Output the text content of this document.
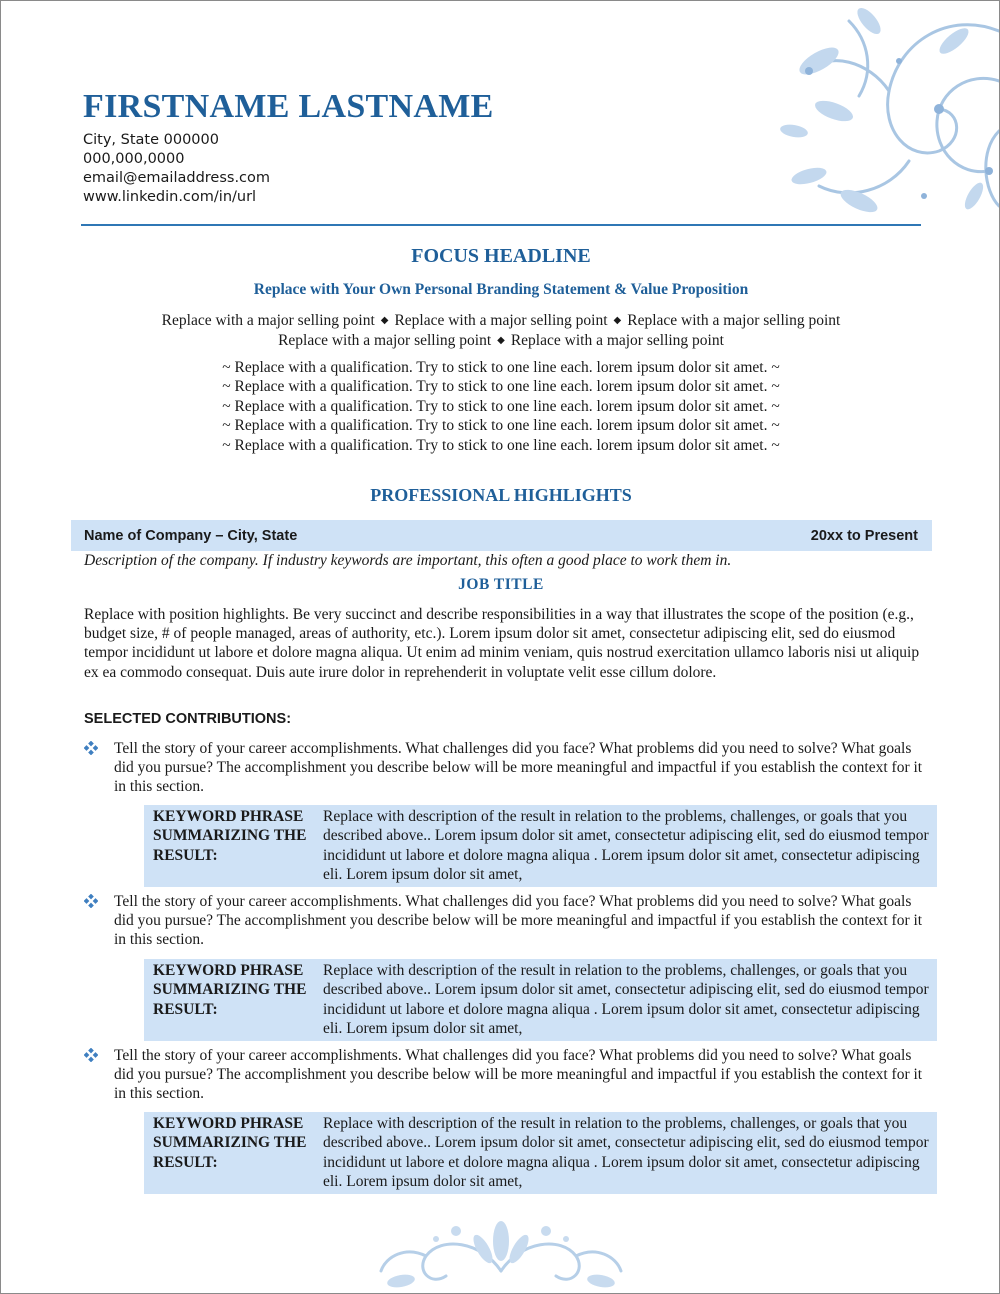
FIRSTNAME LASTNAME
City, State 000000
000,000,0000
email@emailaddress.com
www.linkedin.com/in/url
FOCUS HEADLINE
Replace with Your Own Personal Branding Statement & Value Proposition
Replace with a major selling point ◆ Replace with a major selling point ◆ Replace with a major selling point
Replace with a major selling point ◆ Replace with a major selling point
~ Replace with a qualification. Try to stick to one line each. lorem ipsum dolor sit amet. ~
~ Replace with a qualification. Try to stick to one line each. lorem ipsum dolor sit amet. ~
~ Replace with a qualification. Try to stick to one line each. lorem ipsum dolor sit amet. ~
~ Replace with a qualification. Try to stick to one line each. lorem ipsum dolor sit amet. ~
~ Replace with a qualification. Try to stick to one line each. lorem ipsum dolor sit amet. ~
PROFESSIONAL HIGHLIGHTS
Name of Company – City, State	20xx to Present
Description of the company. If industry keywords are important, this often a good place to work them in.
JOB TITLE
Replace with position highlights. Be very succinct and describe responsibilities in a way that illustrates the scope of the position (e.g., budget size, # of people managed, areas of authority, etc.). Lorem ipsum dolor sit amet, consectetur adipiscing elit, sed do eiusmod tempor incididunt ut labore et dolore magna aliqua. Ut enim ad minim veniam, quis nostrud exercitation ullamco laboris nisi ut aliquip ex ea commodo consequat. Duis aute irure dolor in reprehenderit in voluptate velit esse cillum dolore.
SELECTED CONTRIBUTIONS:
Tell the story of your career accomplishments. What challenges did you face? What problems did you need to solve? What goals did you pursue? The accomplishment you describe below will be more meaningful and impactful if you establish the context for it in this section.
KEYWORD PHRASE SUMMARIZING THE RESULT:
Replace with description of the result in relation to the problems, challenges, or goals that you described above.. Lorem ipsum dolor sit amet, consectetur adipiscing elit, sed do eiusmod tempor incididunt ut labore et dolore magna aliqua . Lorem ipsum dolor sit amet, consectetur adipiscing eli. Lorem ipsum dolor sit amet,
Tell the story of your career accomplishments. What challenges did you face? What problems did you need to solve? What goals did you pursue? The accomplishment you describe below will be more meaningful and impactful if you establish the context for it in this section.
KEYWORD PHRASE SUMMARIZING THE RESULT:
Replace with description of the result in relation to the problems, challenges, or goals that you described above.. Lorem ipsum dolor sit amet, consectetur adipiscing elit, sed do eiusmod tempor incididunt ut labore et dolore magna aliqua . Lorem ipsum dolor sit amet, consectetur adipiscing eli. Lorem ipsum dolor sit amet,
Tell the story of your career accomplishments. What challenges did you face? What problems did you need to solve? What goals did you pursue? The accomplishment you describe below will be more meaningful and impactful if you establish the context for it in this section.
KEYWORD PHRASE SUMMARIZING THE RESULT:
Replace with description of the result in relation to the problems, challenges, or goals that you described above.. Lorem ipsum dolor sit amet, consectetur adipiscing elit, sed do eiusmod tempor incididunt ut labore et dolore magna aliqua . Lorem ipsum dolor sit amet, consectetur adipiscing eli. Lorem ipsum dolor sit amet,
